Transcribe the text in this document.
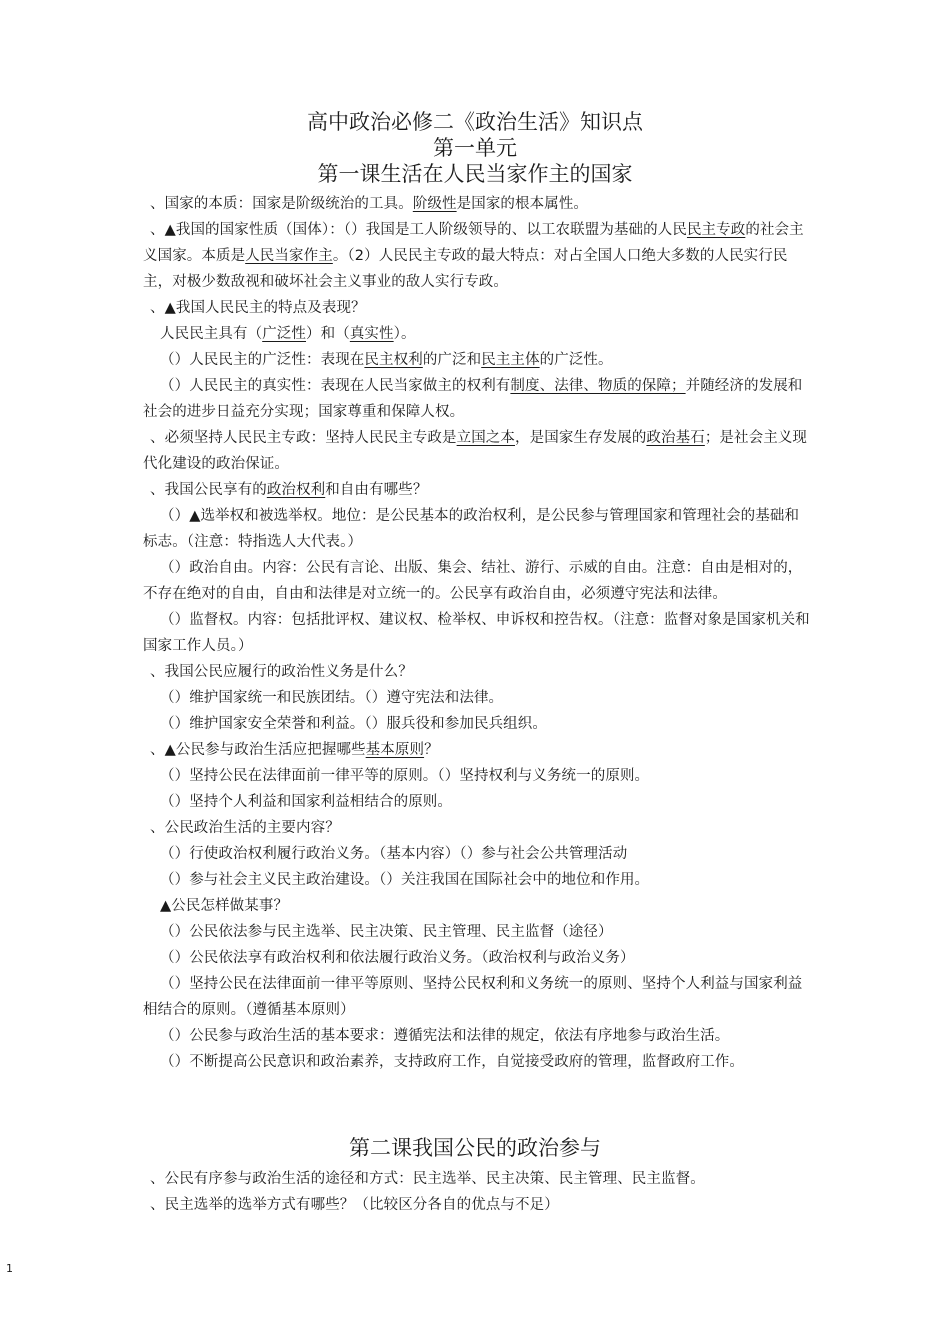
高中政治必修二《政治生活》知识点
第一单元
第一课生活在人民当家作主的国家

、国家的本质：国家是阶级统治的工具。阶级性是国家的根本属性。

、▲我国的国家性质（国体）：（）我国是工人阶级领导的、以工农联盟为基础的人民民主专政的社会主义国家。本质是人民当家作主。（2）人民民主专政的最大特点：对占全国人口绝大多数的人民实行民主，对极少数敌视和破坏社会主义事业的敌人实行专政。

、▲我国人民民主的特点及表现？

人民民主具有（广泛性）和（真实性）。

（）人民民主的广泛性：表现在民主权利的广泛和民主主体的广泛性。

（）人民民主的真实性：表现在人民当家做主的权利有制度、法律、物质的保障；并随经济的发展和社会的进步日益充分实现；国家尊重和保障人权。

、必须坚持人民民主专政：坚持人民民主专政是立国之本，是国家生存发展的政治基石；是社会主义现代化建设的政治保证。

、我国公民享有的政治权利和自由有哪些？

（）▲选举权和被选举权。地位：是公民基本的政治权利，是公民参与管理国家和管理社会的基础和标志。（注意：特指选人大代表。）

（）政治自由。内容：公民有言论、出版、集会、结社、游行、示威的自由。注意：自由是相对的，不存在绝对的自由，自由和法律是对立统一的。公民享有政治自由，必须遵守宪法和法律。

（）监督权。内容：包括批评权、建议权、检举权、申诉权和控告权。（注意：监督对象是国家机关和国家工作人员。）

、我国公民应履行的政治性义务是什么？

（）维护国家统一和民族团结。（）遵守宪法和法律。

（）维护国家安全荣誉和利益。（）服兵役和参加民兵组织。

、▲公民参与政治生活应把握哪些基本原则？

（）坚持公民在法律面前一律平等的原则。（）坚持权利与义务统一的原则。

（）坚持个人利益和国家利益相结合的原则。

、公民政治生活的主要内容？

（）行使政治权利履行政治义务。（基本内容）（）参与社会公共管理活动

（）参与社会主义民主政治建设。（）关注我国在国际社会中的地位和作用。

▲公民怎样做某事？

（）公民依法参与民主选举、民主决策、民主管理、民主监督（途径）

（）公民依法享有政治权利和依法履行政治义务。（政治权利与政治义务）

（）坚持公民在法律面前一律平等原则、坚持公民权利和义务统一的原则、坚持个人利益与国家利益相结合的原则。（遵循基本原则）

（）公民参与政治生活的基本要求：遵循宪法和法律的规定，依法有序地参与政治生活。

（）不断提高公民意识和政治素养，支持政府工作，自觉接受政府的管理，监督政府工作。

第二课我国公民的政治参与

、公民有序参与政治生活的途径和方式：民主选举、民主决策、民主管理、民主监督。

、民主选举的选举方式有哪些？（比较区分各自的优点与不足）

1
